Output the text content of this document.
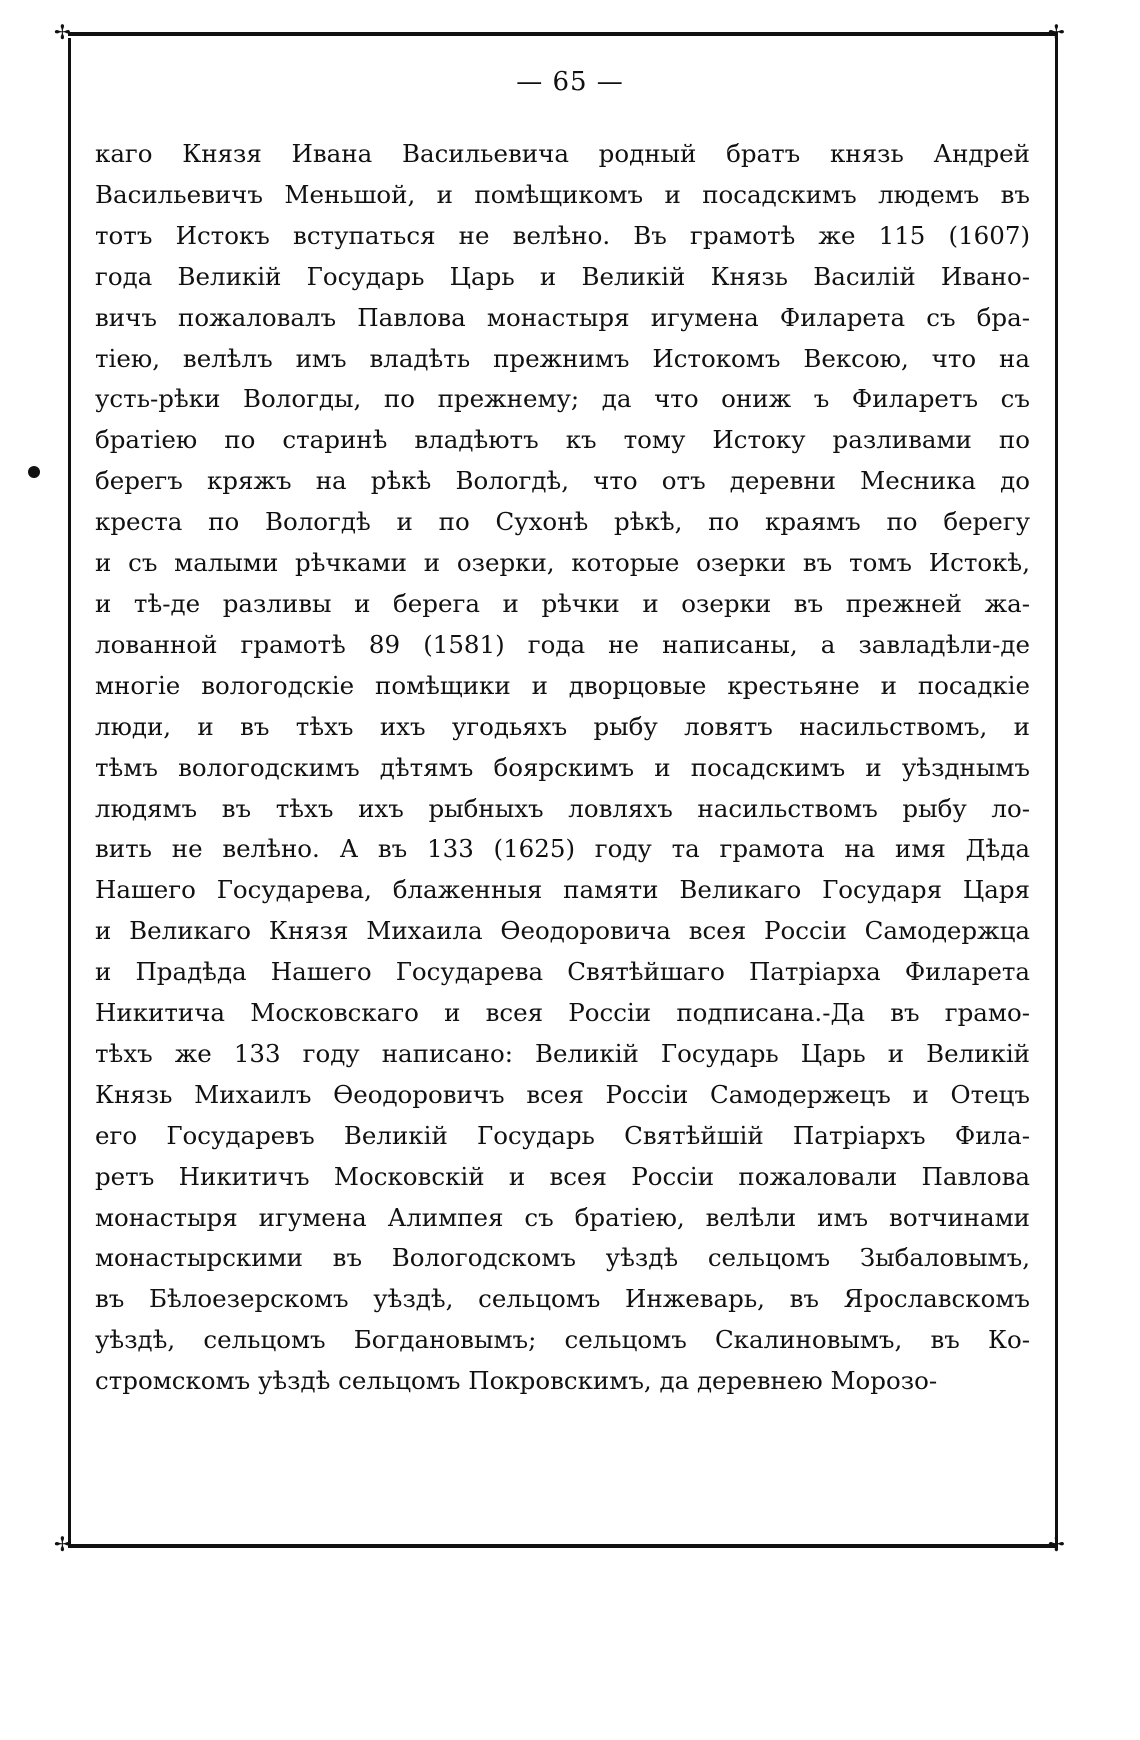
✢	✢
✢	✢
— 65 —
каго Князя Ивана Васильевича родный братъ князь Андрей
Васильевичъ Меньшой, и помѣщикомъ и посадскимъ людемъ въ
тотъ Истокъ вступаться не велѣно. Въ грамотѣ же 115 (1607)
года Великій Государь Царь и Великій Князь Василій Ивано-
вичъ пожаловалъ Павлова монастыря игумена Филарета съ бра-
тіею, велѣлъ имъ владѣть прежнимъ Истокомъ Вексою, что на
усть-рѣки Вологды, по прежнему; да что ониж ъ Филаретъ съ
братіею по старинѣ владѣютъ къ тому Истоку разливами по
берегъ кряжъ на рѣкѣ Вологдѣ, что отъ деревни Месника до
креста по Вологдѣ и по Сухонѣ рѣкѣ, по краямъ по берегу
и съ малыми рѣчками и озерки, которые озерки въ томъ Истокѣ,
и тѣ-де разливы и берега и рѣчки и озерки въ прежней жа-
лованной грамотѣ 89 (1581) года не написаны, а завладѣли-де
многіе вологодскіе помѣщики и дворцовые крестьяне и посадкіе
люди, и въ тѣхъ ихъ угодьяхъ рыбу ловятъ насильствомъ, и
тѣмъ вологодскимъ дѣтямъ боярскимъ и посадскимъ и уѣзднымъ
людямъ въ тѣхъ ихъ рыбныхъ ловляхъ насильствомъ рыбу ло-
вить не велѣно. А въ 133 (1625) году та грамота на имя Дѣда
Нашего Государева, блаженныя памяти Великаго Государя Царя
и Великаго Князя Михаила Ѳеодоровича всея Россіи Самодержца
и Прадѣда Нашего Государева Святѣйшаго Патріарха Филарета
Никитича Московскаго и всея Россіи подписана.-Да въ грамо-
тѣхъ же 133 году написано: Великій Государь Царь и Великій
Князь Михаилъ Ѳеодоровичъ всея Россіи Самодержецъ и Отецъ
его Государевъ Великій Государь Святѣйшій Патріархъ Фила-
ретъ Никитичъ Московскій и всея Россіи пожаловали Павлова
монастыря игумена Алимпея съ братіею, велѣли имъ вотчинами
монастырскими въ Вологодскомъ уѣздѣ сельцомъ Зыбаловымъ,
въ Бѣлоезерскомъ уѣздѣ, сельцомъ Инжеварь, въ Ярославскомъ
уѣздѣ, сельцомъ Богдановымъ; сельцомъ Скалиновымъ, въ Ко-
стромскомъ уѣздѣ сельцомъ Покровскимъ, да деревнею Морозо-
